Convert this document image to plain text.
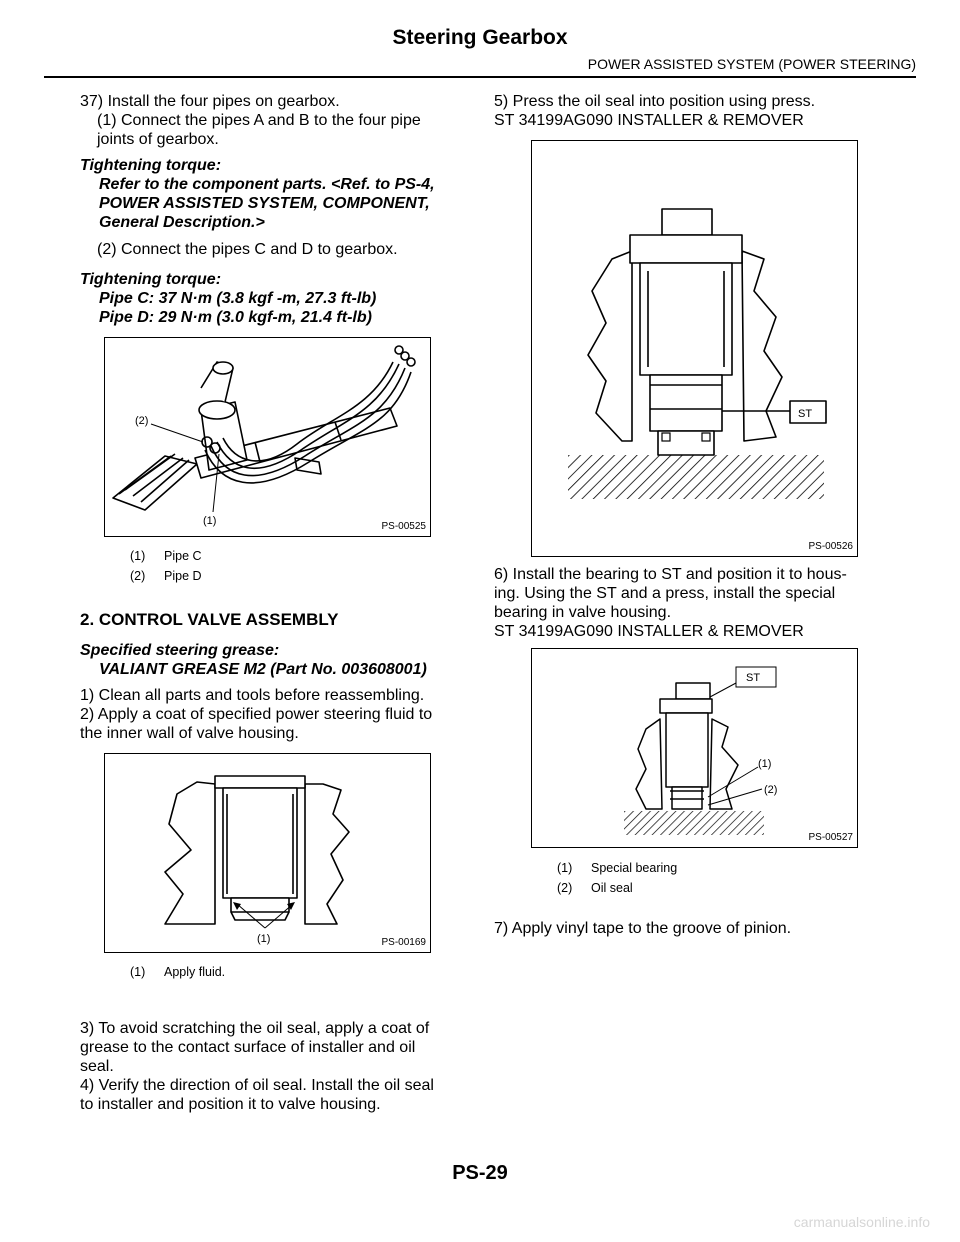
Steering Gearbox
POWER ASSISTED SYSTEM (POWER STEERING)

37) Install the four pipes on gearbox.

(1) Connect the pipes A and B to the four pipe

joints of gearbox.

Tightening torque:

Refer to the component parts. <Ref. to PS-4,

POWER ASSISTED SYSTEM, COMPONENT,

General Description.>

(2) Connect the pipes C and D to gearbox.

Tightening torque:

Pipe C: 37 N·m (3.8 kgf -m, 27.3 ft-lb)

Pipe D: 29 N·m (3.0 kgf-m, 21.4 ft-lb)

(2)
(1)	PS-00525
(1) Pipe C
(2) Pipe D
2. CONTROL VALVE ASSEMBLY

Specified steering grease:

VALIANT GREASE M2 (Part No. 003608001)

1) Clean all parts and tools before reassembling.

2) Apply a coat of specified power steering fluid to

the inner wall of valve housing.

(1)	PS-00169
(1) Apply fluid.

3) To avoid scratching the oil seal, apply a coat of

grease to the contact surface of installer and oil

seal.

4) Verify the direction of oil seal. Install the oil seal

to installer and position it to valve housing.

5) Press the oil seal into position using press.

ST 34199AG090 INSTALLER & REMOVER

ST
PS-00526

6) Install the bearing to ST and position it to hous-

ing. Using the ST and a press, install the special

bearing in valve housing.

ST 34199AG090 INSTALLER & REMOVER

ST
(1)
(2)
PS-00527
(1) Special bearing
(2) Oil seal
7) Apply vinyl tape to the groove of pinion.
PS-29
carmanualsonline.info
